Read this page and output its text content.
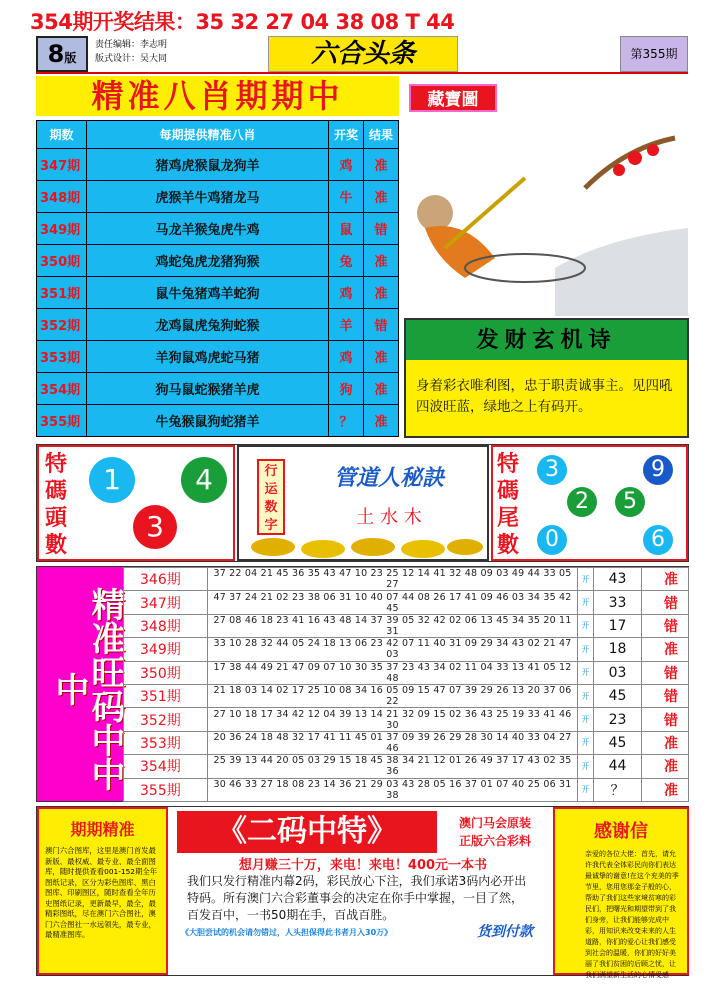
354期开奖结果：35 32 27 04 38 08 T 44
8版
责任编辑：李志明
版式设计：吴大同	六合头条	第355期
精准八肖期期中	藏寶圖
期数	每期提供精准八肖	开奖	结果
347期	猪鸡虎猴鼠龙狗羊	鸡	准
348期	虎猴羊牛鸡猪龙马	牛	准
349期	马龙羊猴兔虎牛鸡	鼠	错
350期	鸡蛇兔虎龙猪狗猴	兔	准
351期	鼠牛兔猪鸡羊蛇狗	鸡	准
352期	龙鸡鼠虎兔狗蛇猴	羊	错
353期	羊狗鼠鸡虎蛇马猪	鸡	准
354期	狗马鼠蛇猴猪羊虎	狗	准
355期	牛兔猴鼠狗蛇猪羊	？	准
发财玄机诗
身着彩衣唯利图，忠于职责诚事主。见四吼四波旺蓝，绿地之上有码开。
特碼頭數
1	4
3
行运数字
管道人秘訣
土 水 木
特碼尾數
3	9
2	5
0	6
精准旺码中中中
346期	37 22 04 21 45 36 35 43 47 10 23 25 12 14 41 32 48 09 03 49 44 33 05 27	开	43	准
347期	47 37 24 21 02 23 38 06 31 10 40 07 44 08 26 17 41 09 46 03 34 35 42 45	开	33	错
348期	27 08 46 18 23 41 16 43 48 14 37 39 05 32 42 02 06 13 45 34 35 20 11 31	开	17	错
349期	33 10 28 32 44 05 24 18 13 06 23 42 07 11 40 31 09 29 34 43 02 21 47 03	开	18	准
350期	17 38 44 49 21 47 09 07 10 30 35 37 23 43 34 02 11 04 33 13 41 05 12 48	开	03	错
351期	21 18 03 14 02 17 25 10 08 34 16 05 09 15 47 07 39 29 26 13 20 37 06 22	开	45	错
352期	27 10 18 17 34 42 12 04 39 13 14 21 32 09 15 02 36 43 25 19 33 41 46 30	开	23	错
353期	20 36 24 18 48 32 17 41 11 45 01 37 09 39 26 29 28 30 14 40 33 04 27 46	开	45	准
354期	25 39 13 44 20 05 03 29 15 18 45 38 34 21 12 01 26 49 37 17 43 02 35 36	开	44	准
355期	30 46 33 27 18 08 23 14 36 21 29 03 43 28 05 16 37 01 07 40 25 06 31 38	开	？	准
期期精准
澳门六合图库，这里是澳门首发最新版、最权威、最专业、最全面图库，随时提供查看001-152期全年图纸记录，区分为彩色图库、黑白图库、印刷图区，随时查看全年历史图纸记录，更新最早，最全，最精彩图纸，尽在澳门六合图社，澳门六合图社一水远领先，最专业，最精准图库。
《二码中特》	澳门马会原装
正版六合彩料
想月赚三十万，来电！来电！400元一本书
我们只发行精准内幕2码，彩民放心下注，我们承诺3码内必开出特码。所有澳门六合彩董事会的决定在你手中掌握，一目了然，百发百中，一书50期在手，百战百胜。
《大胆尝试的机会请勿错过，人头担保得此书者月入30万》	货到付款
感谢信
亲爱的各位大佬：首先，请允许我代表全体彩民向你们表达最诚挚的谢意!在这个充美的季节里，您用您那金子般的心，帮助了我们这些家境贫寒的彩民们，把曙光和期望带到了我们身旁，让我们能够完成中彩，用知识来改变未来的人生道路，你们的爱心让我们感受到社会的温暖，你们的好好美丽了我们贫困的后顾之忧，让我们满望新生活的心情受感
